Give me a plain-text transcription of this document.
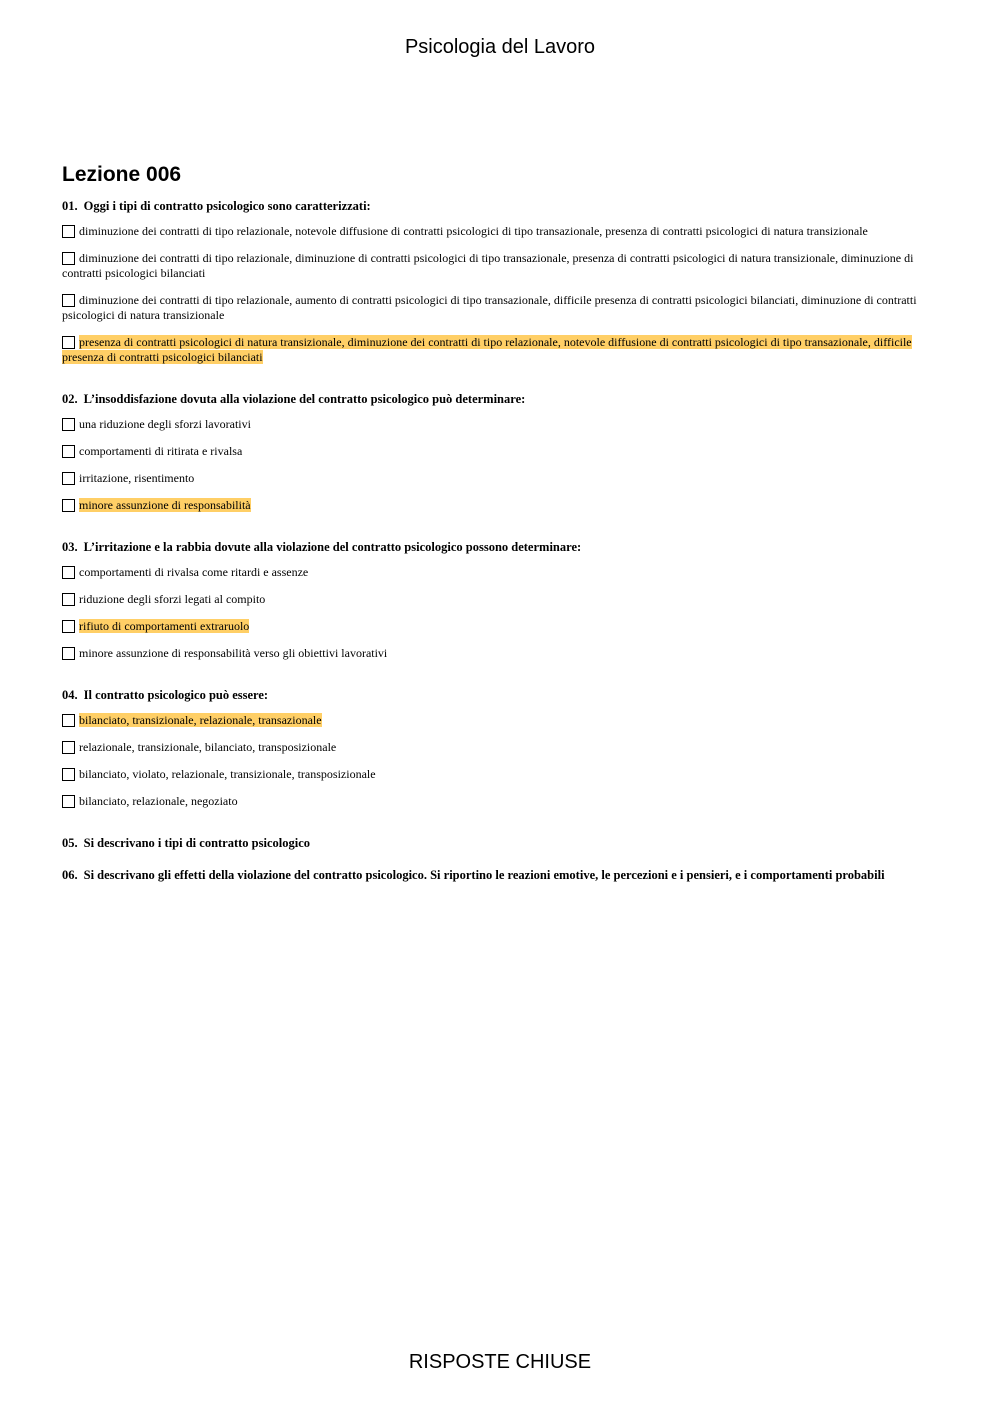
Psicologia del Lavoro
Lezione 006
01. Oggi i tipi di contratto psicologico sono caratterizzati:
diminuzione dei contratti di tipo relazionale, notevole diffusione di contratti psicologici di tipo transazionale, presenza di contratti psicologici di natura transizionale
diminuzione dei contratti di tipo relazionale, diminuzione di contratti psicologici di tipo transazionale, presenza di contratti psicologici di natura transizionale, diminuzione di contratti psicologici bilanciati
diminuzione dei contratti di tipo relazionale, aumento di contratti psicologici di tipo transazionale, difficile presenza di contratti psicologici bilanciati, diminuzione di contratti psicologici di natura transizionale
presenza di contratti psicologici di natura transizionale, diminuzione dei contratti di tipo relazionale, notevole diffusione di contratti psicologici di tipo transazionale, difficile presenza di contratti psicologici bilanciati
02. L’insoddisfazione dovuta alla violazione del contratto psicologico può determinare:
una riduzione degli sforzi lavorativi
comportamenti di ritirata e rivalsa
irritazione, risentimento
minore assunzione di responsabilità
03. L’irritazione e la rabbia dovute alla violazione del contratto psicologico possono determinare:
comportamenti di rivalsa come ritardi e assenze
riduzione degli sforzi legati al compito
rifiuto di comportamenti extraruolo
minore assunzione di responsabilità verso gli obiettivi lavorativi
04. Il contratto psicologico può essere:
bilanciato, transizionale, relazionale, transazionale
relazionale, transizionale, bilanciato, transposizionale
bilanciato, violato, relazionale, transizionale, transposizionale
bilanciato, relazionale, negoziato
05. Si descrivano i tipi di contratto psicologico
06. Si descrivano gli effetti della violazione del contratto psicologico. Si riportino le reazioni emotive, le percezioni e i pensieri, e i comportamenti probabili
RISPOSTE CHIUSE
